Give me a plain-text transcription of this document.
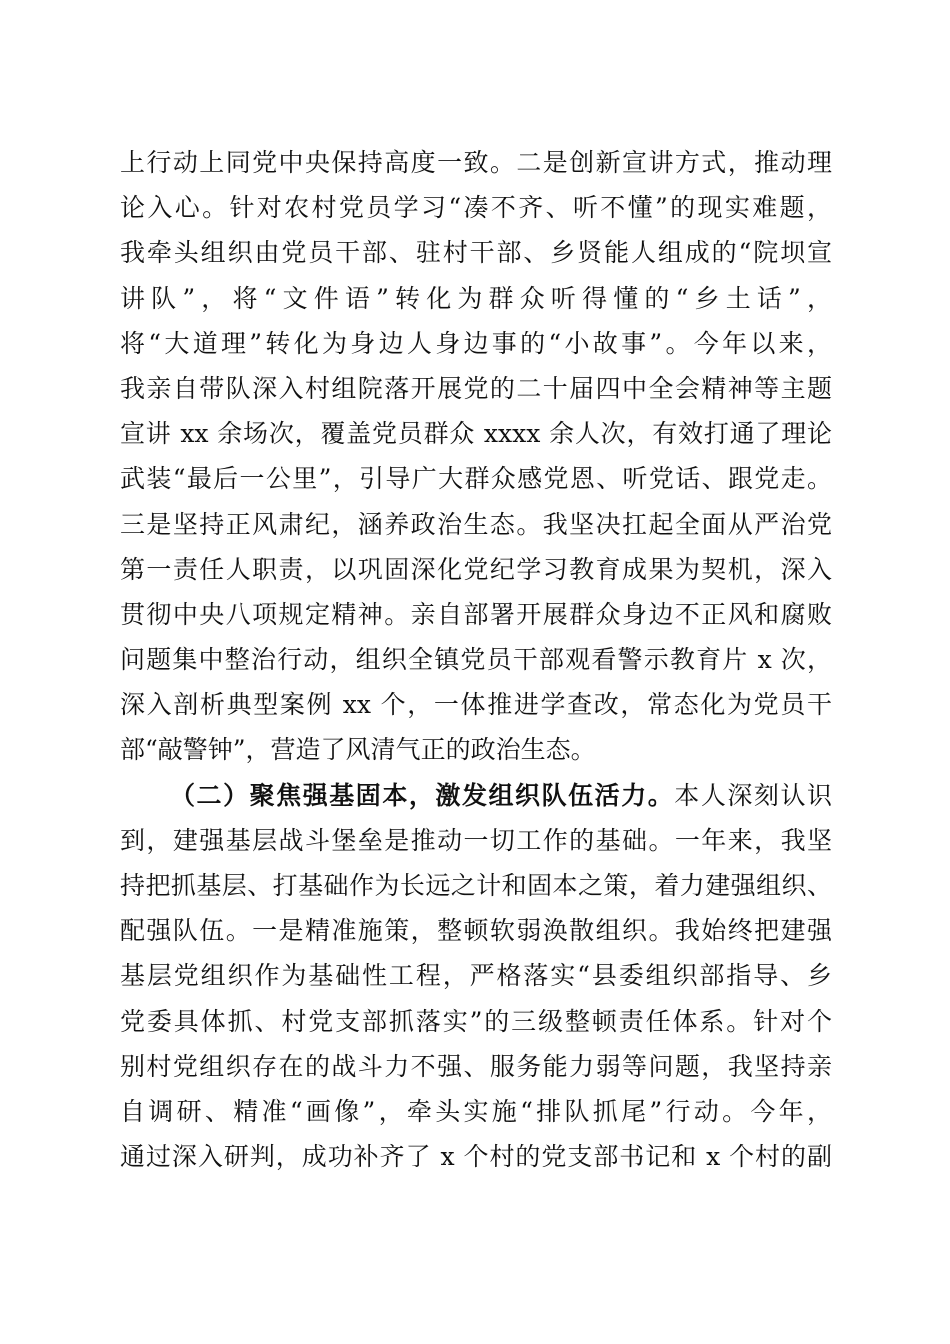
上行动上同党中央保持高度一致。二是创新宣讲方式，推动理
论入心。针对农村党员学习“凑不齐、听不懂”的现实难题，
我牵头组织由党员干部、驻村干部、乡贤能人组成的“院坝宣
讲队”，将“文件语”转化为群众听得懂的“乡土话”，
将“大道理”转化为身边人身边事的“小故事”。今年以来，
我亲自带队深入村组院落开展党的二十届四中全会精神等主题
宣讲 xx 余场次，覆盖党员群众 xxxx 余人次，有效打通了理论
武装“最后一公里”，引导广大群众感党恩、听党话、跟党走。
三是坚持正风肃纪，涵养政治生态。我坚决扛起全面从严治党
第一责任人职责，以巩固深化党纪学习教育成果为契机，深入
贯彻中央八项规定精神。亲自部署开展群众身边不正风和腐败
问题集中整治行动，组织全镇党员干部观看警示教育片 x 次，
深入剖析典型案例 xx 个，一体推进学查改，常态化为党员干
部“敲警钟”，营造了风清气正的政治生态。
（二）聚焦强基固本，激发组织队伍活力。本人深刻认识
到，建强基层战斗堡垒是推动一切工作的基础。一年来，我坚
持把抓基层、打基础作为长远之计和固本之策，着力建强组织、
配强队伍。一是精准施策，整顿软弱涣散组织。我始终把建强
基层党组织作为基础性工程，严格落实“县委组织部指导、乡
党委具体抓、村党支部抓落实”的三级整顿责任体系。针对个
别村党组织存在的战斗力不强、服务能力弱等问题，我坚持亲
自调研、精准“画像”，牵头实施“排队抓尾”行动。今年，
通过深入研判，成功补齐了 x 个村的党支部书记和 x 个村的副
